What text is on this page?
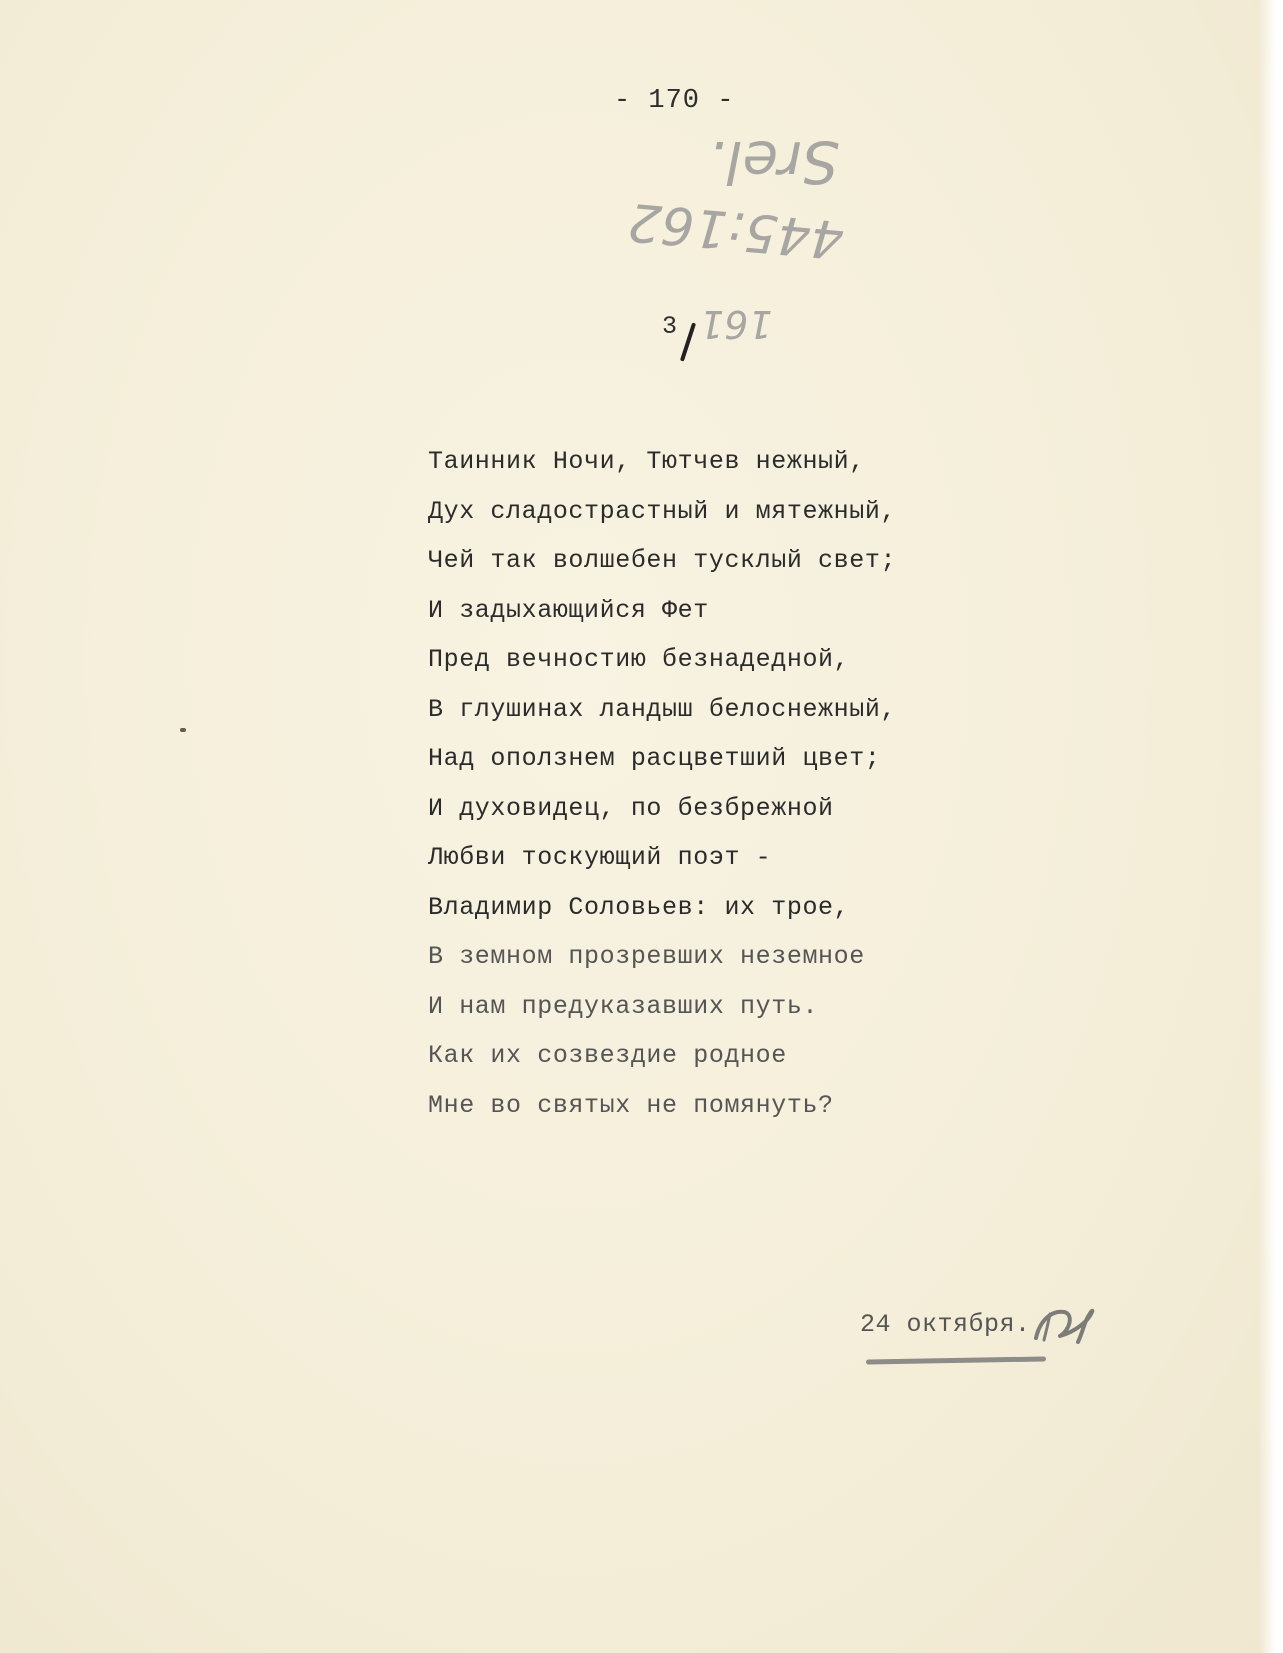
- 170 -
Srel.
445:162
161
3
Таинник Ночи, Тютчев нежный,
Дух сладострастный и мятежный,
Чей так волшебен тусклый свет;
И задыхающийся Фет
Пред вечностию безнадедной,
В глушинах ландыш белоснежный,
Над оползнем расцветший цвет;
И духовидец, по безбрежной
Любви тоскующий поэт -
Владимир Соловьев: их трое,
В земном прозревших неземное
И нам предуказавших путь.
Как их созвездие родное
Мне во святых не помянуть?
24 октября.
